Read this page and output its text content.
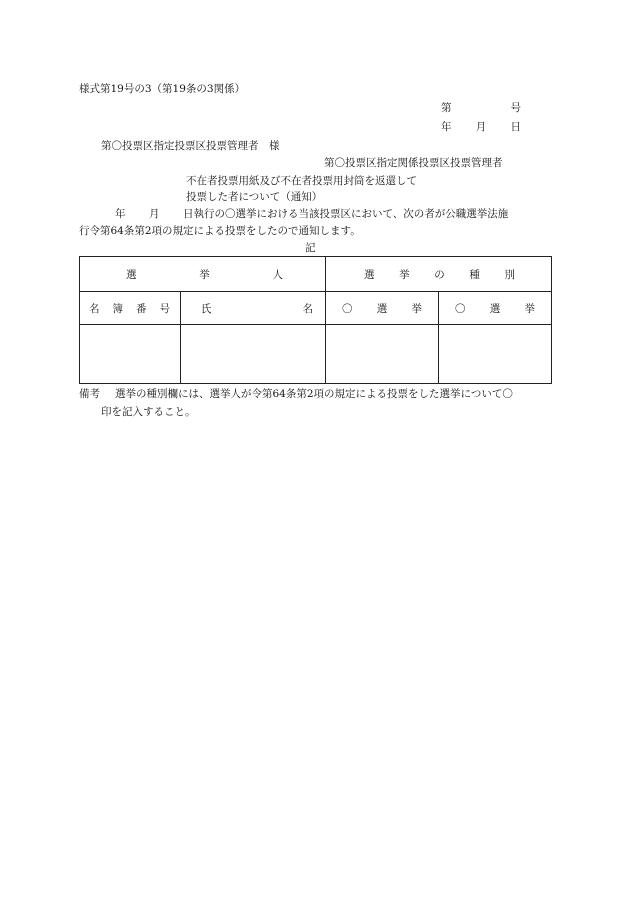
様式第19号の3（第19条の3関係）
第	号
年 月 日
第〇投票区指定投票区投票管理者　様
第〇投票区指定関係投票区投票管理者
不在者投票用紙及び不在者投票用封筒を返還して
投票した者について（通知）
年 月 日執行の〇選挙における当該投票区において、次の者が公職選挙法施
行令第64条第2項の規定による投票をしたので通知します。
記
選 挙 人		選 挙 の 種 別	

名 簿 番 号	氏 名	〇 選 挙	〇 選 挙

備考 選挙の種別欄には、選挙人が令第64条第2項の規定による投票をした選挙について〇
印を記入すること。
